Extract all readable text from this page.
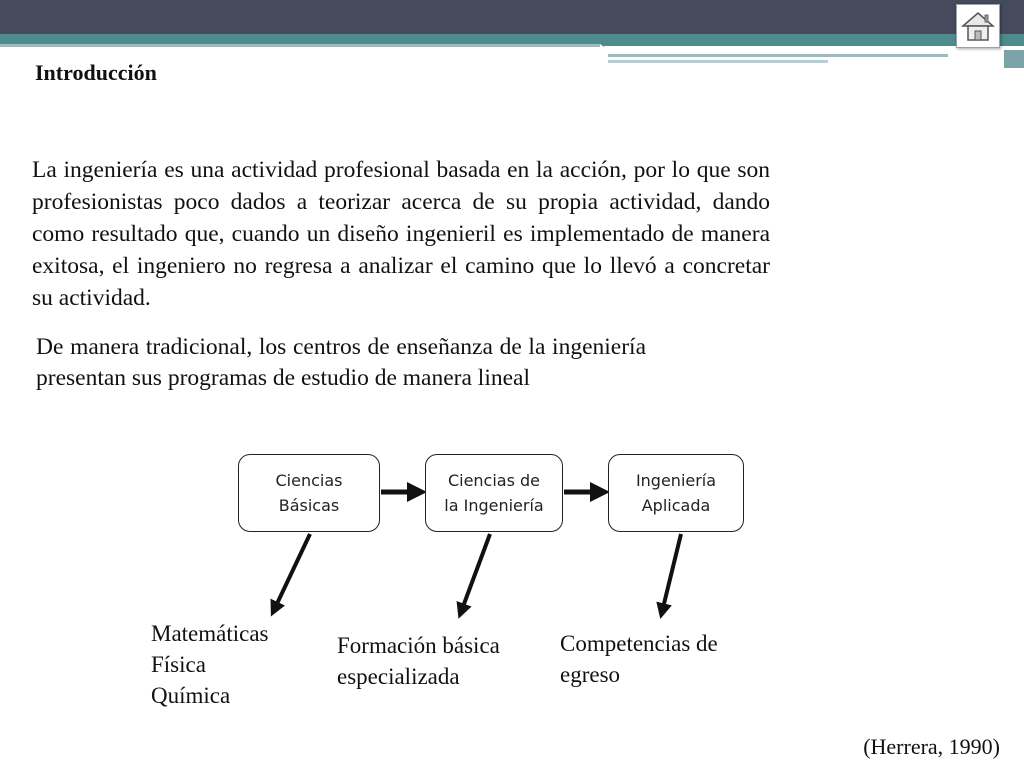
Introducción

La ingeniería es una actividad profesional basada en la acción, por lo que son profesionistas poco dados a teorizar acerca de su propia actividad, dando como resultado que, cuando un diseño ingenieril es implementado de manera exitosa, el ingeniero no regresa a analizar el camino que lo llevó a concretar su actividad.

De manera tradicional, los centros de enseñanza de la ingeniería presentan sus programas de estudio de manera lineal

Ciencias
Básicas
Ciencias de
la Ingeniería
Ingeniería
Aplicada

Matemáticas
Física
Química

Formación básica
especializada

Competencias de
egreso

(Herrera, 1990)
